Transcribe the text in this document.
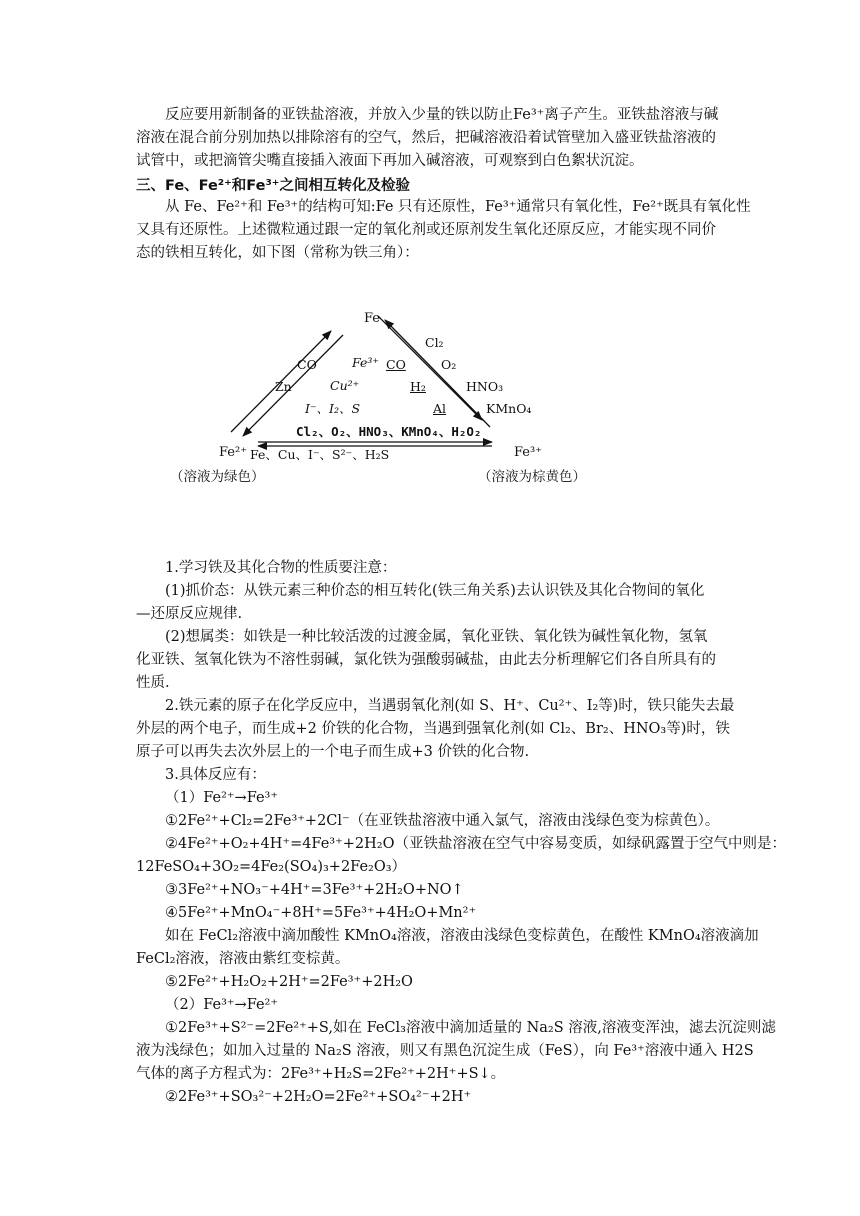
反应要用新制备的亚铁盐溶液，并放入少量的铁以防止Fe³⁺离子产生。亚铁盐溶液与碱
溶液在混合前分别加热以排除溶有的空气，然后，把碱溶液沿着试管壁加入盛亚铁盐溶液的
试管中，或把滴管尖嘴直接插入液面下再加入碱溶液，可观察到白色絮状沉淀。
三、Fe、Fe²⁺和Fe³⁺之间相互转化及检验
从 Fe、Fe²⁺和 Fe³⁺的结构可知:Fe 只有还原性，Fe³⁺通常只有氧化性，Fe²⁺既具有氧化性
又具有还原性。上述微粒通过跟一定的氧化剂或还原剂发生氧化还原反应，才能实现不同价
态的铁相互转化，如下图（常称为铁三角）：
Fe
Fe²⁺	Fe³⁺
（溶液为绿色）	（溶液为棕黄色）
CO
Zn
Fe³⁺
Cu²⁺
I⁻、I₂、S
CO
H₂
Al
Cl₂
O₂
HNO₃
KMnO₄
Cl₂、O₂、HNO₃、KMnO₄、H₂O₂
Fe、Cu、I⁻、S²⁻、H₂S
1.学习铁及其化合物的性质要注意：
(1)抓价态：从铁元素三种价态的相互转化(铁三角关系)去认识铁及其化合物间的氧化
—还原反应规律.
(2)想属类：如铁是一种比较活泼的过渡金属，氧化亚铁、氧化铁为碱性氧化物，氢氧
化亚铁、氢氧化铁为不溶性弱碱，氯化铁为强酸弱碱盐，由此去分析理解它们各自所具有的
性质.
2.铁元素的原子在化学反应中，当遇弱氧化剂(如 S、H⁺、Cu²⁺、I₂等)时，铁只能失去最
外层的两个电子，而生成+2 价铁的化合物，当遇到强氧化剂(如 Cl₂、Br₂、HNO₃等)时，铁
原子可以再失去次外层上的一个电子而生成+3 价铁的化合物.
3.具体反应有：
（1）Fe²⁺→Fe³⁺
①2Fe²⁺+Cl₂=2Fe³⁺+2Cl⁻（在亚铁盐溶液中通入氯气，溶液由浅绿色变为棕黄色）。
②4Fe²⁺+O₂+4H⁺=4Fe³⁺+2H₂O（亚铁盐溶液在空气中容易变质，如绿矾露置于空气中则是：
12FeSO₄+3O₂=4Fe₂(SO₄)₃+2Fe₂O₃）
③3Fe²⁺+NO₃⁻+4H⁺=3Fe³⁺+2H₂O+NO↑
④5Fe²⁺+MnO₄⁻+8H⁺=5Fe³⁺+4H₂O+Mn²⁺
如在 FeCl₂溶液中滴加酸性 KMnO₄溶液，溶液由浅绿色变棕黄色，在酸性 KMnO₄溶液滴加
FeCl₂溶液，溶液由紫红变棕黄。
⑤2Fe²⁺+H₂O₂+2H⁺=2Fe³⁺+2H₂O
（2）Fe³⁺→Fe²⁺
①2Fe³⁺+S²⁻=2Fe²⁺+S,如在 FeCl₃溶液中滴加适量的 Na₂S 溶液,溶液变浑浊，滤去沉淀则滤
液为浅绿色；如加入过量的 Na₂S 溶液，则又有黑色沉淀生成（FeS），向 Fe³⁺溶液中通入 H2S
气体的离子方程式为：2Fe³⁺+H₂S=2Fe²⁺+2H⁺+S↓。
②2Fe³⁺+SO₃²⁻+2H₂O=2Fe²⁺+SO₄²⁻+2H⁺
